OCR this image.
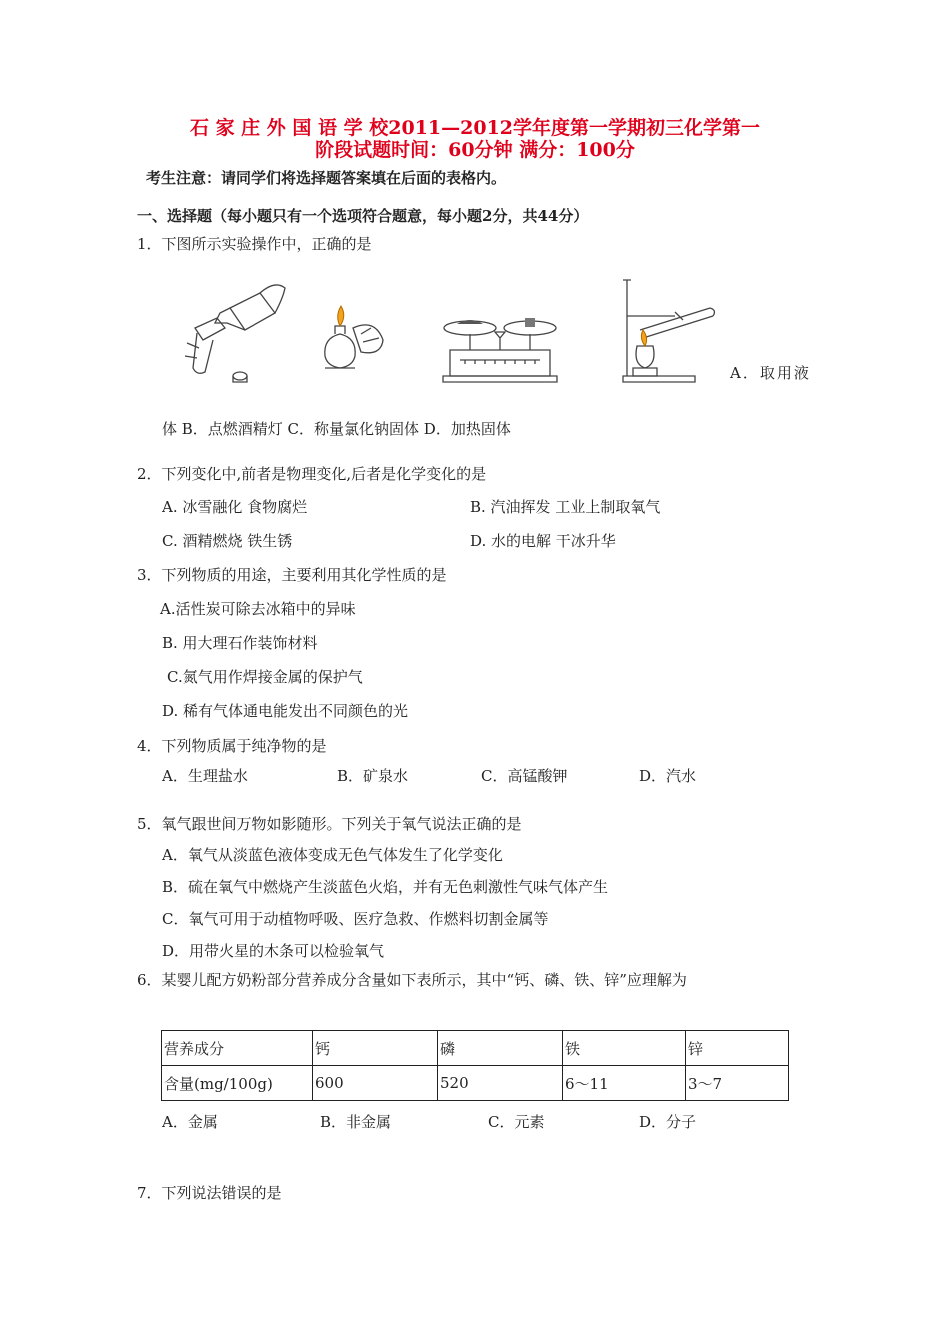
石 家 庄 外 国 语 学 校2011—2012学年度第一学期初三化学第一
阶段试题时间：60分钟 满分：100分
考生注意：请同学们将选择题答案填在后面的表格内。
一、选择题（每小题只有一个选项符合题意，每小题2分，共44分）
1．下图所示实验操作中，正确的是
A．取用液
体 B．点燃酒精灯 C．称量氯化钠固体 D．加热固体
2．下列变化中,前者是物理变化,后者是化学变化的是
A. 冰雪融化 食物腐烂	B. 汽油挥发 工业上制取氧气
C. 酒精燃烧 铁生锈	D. 水的电解 干冰升华
3．下列物质的用途，主要利用其化学性质的是
A.活性炭可除去冰箱中的异味
B. 用大理石作装饰材料
C.氮气用作焊接金属的保护气
D. 稀有气体通电能发出不同颜色的光
4．下列物质属于纯净物的是
A．生理盐水	B．矿泉水	C．高锰酸钾	D．汽水
5．氧气跟世间万物如影随形。下列关于氧气说法正确的是
A．氧气从淡蓝色液体变成无色气体发生了化学变化
B．硫在氧气中燃烧产生淡蓝色火焰，并有无色刺激性气味气体产生
C．氧气可用于动植物呼吸、医疗急救、作燃料切割金属等
D．用带火星的木条可以检验氧气
6．某婴儿配方奶粉部分营养成分含量如下表所示，其中“钙、磷、铁、锌”应理解为
营养成分	钙	磷	铁	锌
含量(mg/100g)	600	520	6～11	3～7
A．金属	B．非金属	C．元素	D．分子
7．下列说法错误的是
